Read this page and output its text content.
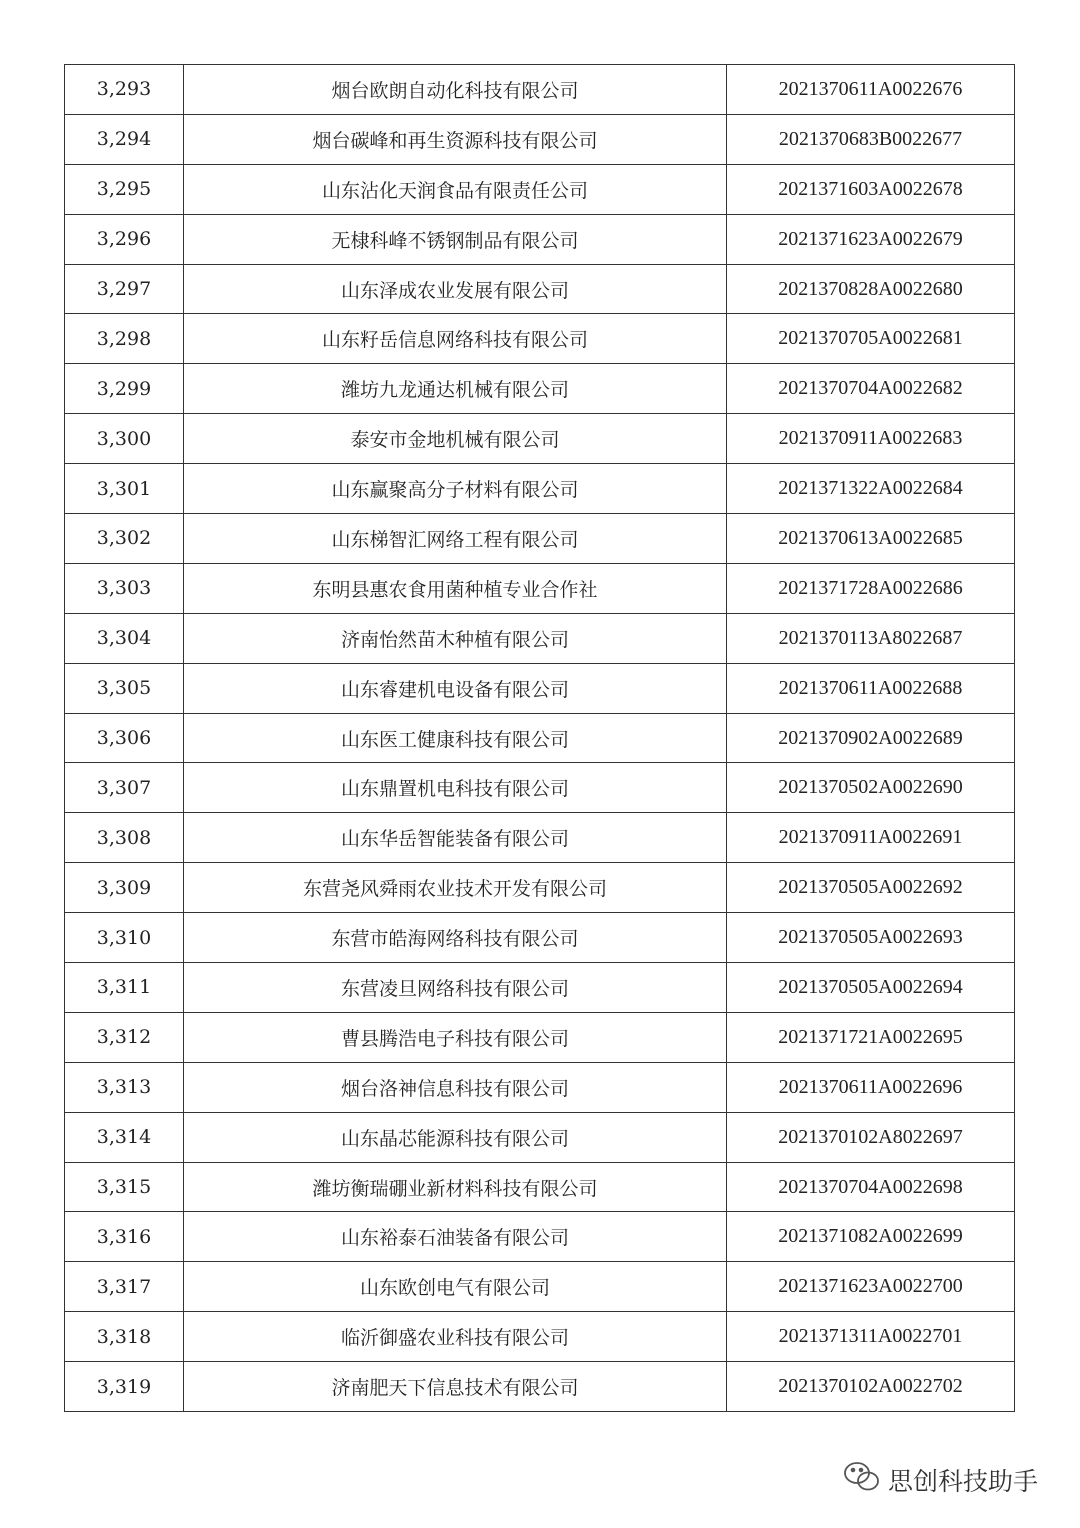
3,293	烟台欧朗自动化科技有限公司	2021370611A0022676
3,294	烟台碳峰和再生资源科技有限公司	2021370683B0022677
3,295	山东沾化天润食品有限责任公司	2021371603A0022678
3,296	无棣科峰不锈钢制品有限公司	2021371623A0022679
3,297	山东泽成农业发展有限公司	2021370828A0022680
3,298	山东籽岳信息网络科技有限公司	2021370705A0022681
3,299	潍坊九龙通达机械有限公司	2021370704A0022682
3,300	泰安市金地机械有限公司	2021370911A0022683
3,301	山东赢聚高分子材料有限公司	2021371322A0022684
3,302	山东梯智汇网络工程有限公司	2021370613A0022685
3,303	东明县惠农食用菌种植专业合作社	2021371728A0022686
3,304	济南怡然苗木种植有限公司	2021370113A8022687
3,305	山东睿建机电设备有限公司	2021370611A0022688
3,306	山东医工健康科技有限公司	2021370902A0022689
3,307	山东鼎置机电科技有限公司	2021370502A0022690
3,308	山东华岳智能装备有限公司	2021370911A0022691
3,309	东营尧风舜雨农业技术开发有限公司	2021370505A0022692
3,310	东营市皓海网络科技有限公司	2021370505A0022693
3,311	东营凌旦网络科技有限公司	2021370505A0022694
3,312	曹县腾浩电子科技有限公司	2021371721A0022695
3,313	烟台洛神信息科技有限公司	2021370611A0022696
3,314	山东晶芯能源科技有限公司	2021370102A8022697
3,315	潍坊衡瑞硼业新材料科技有限公司	2021370704A0022698
3,316	山东裕泰石油装备有限公司	2021371082A0022699
3,317	山东欧创电气有限公司	2021371623A0022700
3,318	临沂御盛农业科技有限公司	2021371311A0022701
3,319	济南肥天下信息技术有限公司	2021370102A0022702
思创科技助手
